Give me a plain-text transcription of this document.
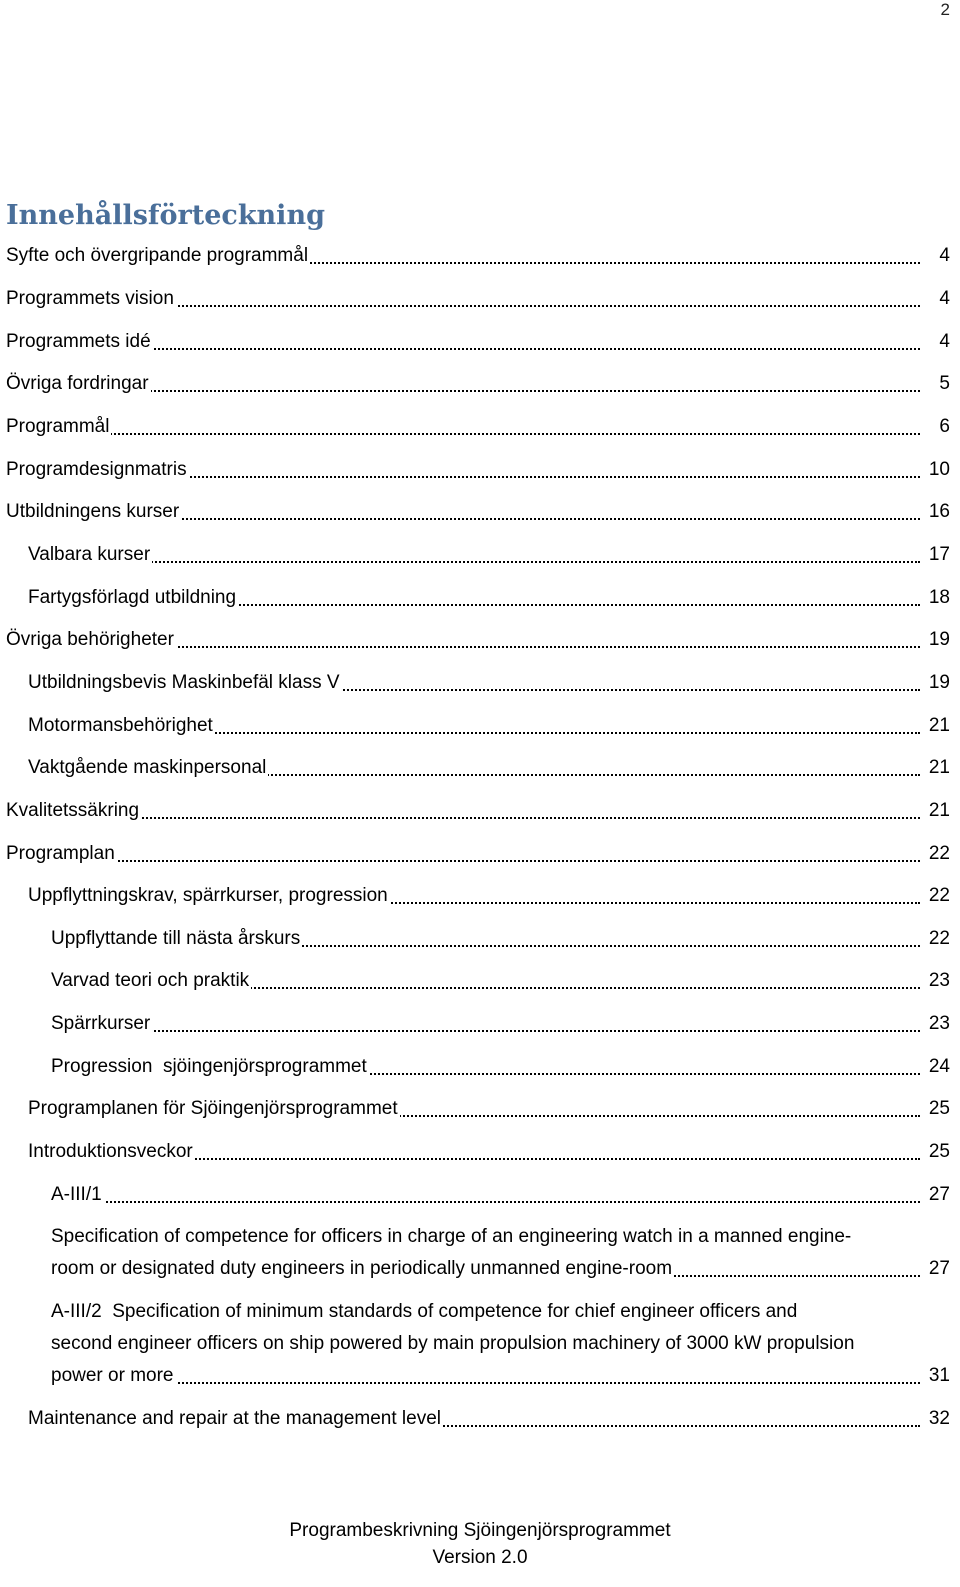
2
Innehållsförteckning
Syfte och övergripande programmål	4
Programmets vision	4
Programmets idé	4
Övriga fordringar	5
Programmål	6
Programdesignmatris	10
Utbildningens kurser	16
Valbara kurser	17
Fartygsförlagd utbildning	18
Övriga behörigheter	19
Utbildningsbevis Maskinbefäl klass V	19
Motormansbehörighet	21
Vaktgående maskinpersonal	21
Kvalitetssäkring	21
Programplan	22
Uppflyttningskrav, spärrkurser, progression	22
Uppflyttande till nästa årskurs	22
Varvad teori och praktik	23
Spärrkurser	23
Progression  sjöingenjörsprogrammet	24
Programplanen för Sjöingenjörsprogrammet	25
Introduktionsveckor	25
A-III/1	27
Specification of competence for officers in charge of an engineering watch in a manned engine-
room or designated duty engineers in periodically unmanned engine-room	27
A-III/2  Specification of minimum standards of competence for chief engineer officers and
second engineer officers on ship powered by main propulsion machinery of 3000 kW propulsion
power or more	31
Maintenance and repair at the management level	32
Programbeskrivning Sjöingenjörsprogrammet
Version 2.0
